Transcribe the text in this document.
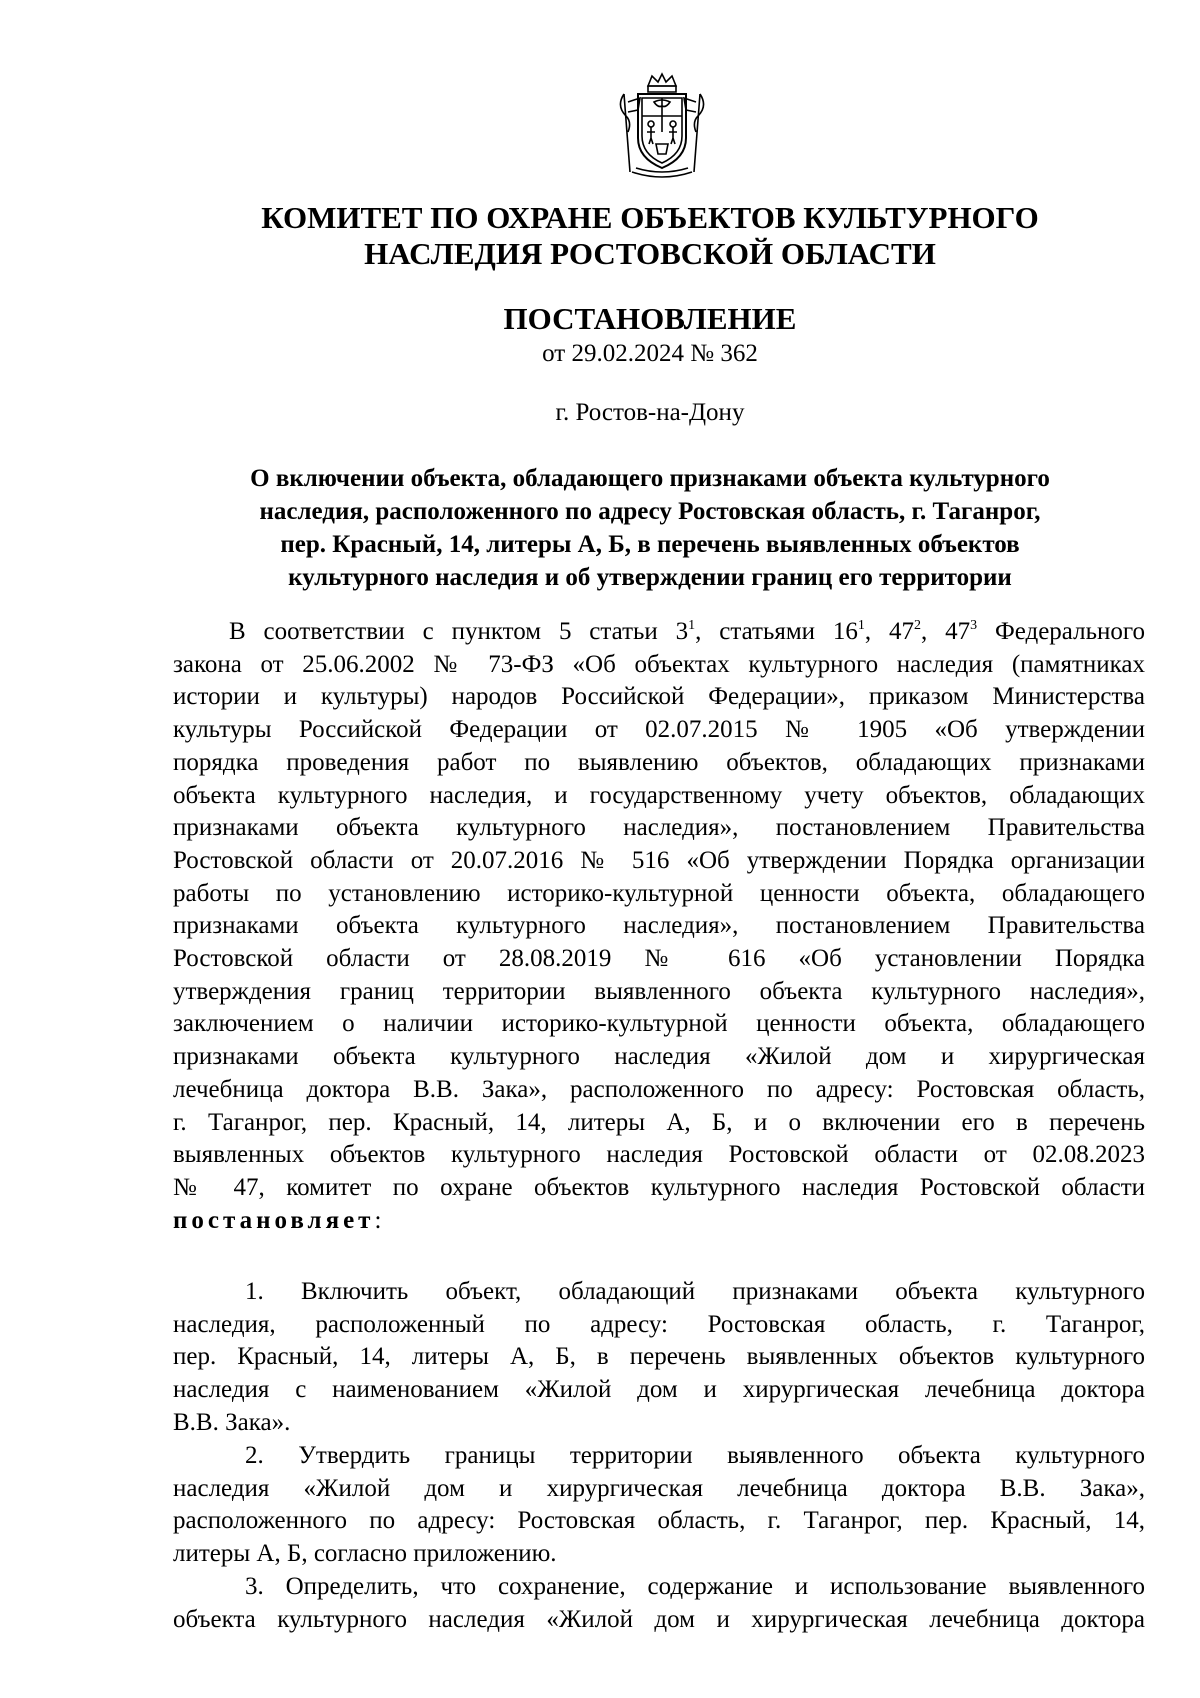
КОМИТЕТ ПО ОХРАНЕ ОБЪЕКТОВ КУЛЬТУРНОГО
НАСЛЕДИЯ РОСТОВСКОЙ ОБЛАСТИ
ПОСТАНОВЛЕНИЕ
от 29.02.2024 № 362
г. Ростов-на-Дону
О включении объекта, обладающего признаками объекта культурного
наследия, расположенного по адресу Ростовская область, г. Таганрог,
пер. Красный, 14, литеры А, Б, в перечень выявленных объектов
культурного наследия и об утверждении границ его территории
В соответствии с пунктом 5 статьи $3^1$, статьями $16^1$, $47^2$, $47^3$ Федерального
закона от 25.06.2002 № 73-ФЗ «Об объектах культурного наследия (памятниках
истории и культуры) народов Российской Федерации», приказом Министерства
культуры Российской Федерации от 02.07.2015 № 1905 «Об утверждении
порядка проведения работ по выявлению объектов, обладающих признаками
объекта культурного наследия, и государственному учету объектов, обладающих
признаками объекта культурного наследия», постановлением Правительства
Ростовской области от 20.07.2016 № 516 «Об утверждении Порядка организации
работы по установлению историко-культурной ценности объекта, обладающего
признаками объекта культурного наследия», постановлением Правительства
Ростовской области от 28.08.2019 № 616 «Об установлении Порядка
утверждения границ территории выявленного объекта культурного наследия»,
заключением о наличии историко-культурной ценности объекта, обладающего
признаками объекта культурного наследия «Жилой дом и хирургическая
лечебница доктора В.В. Зака», расположенного по адресу: Ростовская область,
г. Таганрог, пер. Красный, 14, литеры А, Б, и о включении его в перечень
выявленных объектов культурного наследия Ростовской области от 02.08.2023
№ 47, комитет по охране объектов культурного наследия Ростовской области
постановляет:
1. Включить объект, обладающий признаками объекта культурного
наследия, расположенный по адресу: Ростовская область, г. Таганрог,
пер. Красный, 14, литеры А, Б, в перечень выявленных объектов культурного
наследия с наименованием «Жилой дом и хирургическая лечебница доктора
В.В. Зака».
2. Утвердить границы территории выявленного объекта культурного
наследия «Жилой дом и хирургическая лечебница доктора В.В. Зака»,
расположенного по адресу: Ростовская область, г. Таганрог, пер. Красный, 14,
литеры А, Б, согласно приложению.
3. Определить, что сохранение, содержание и использование выявленного
объекта культурного наследия «Жилой дом и хирургическая лечебница доктора
